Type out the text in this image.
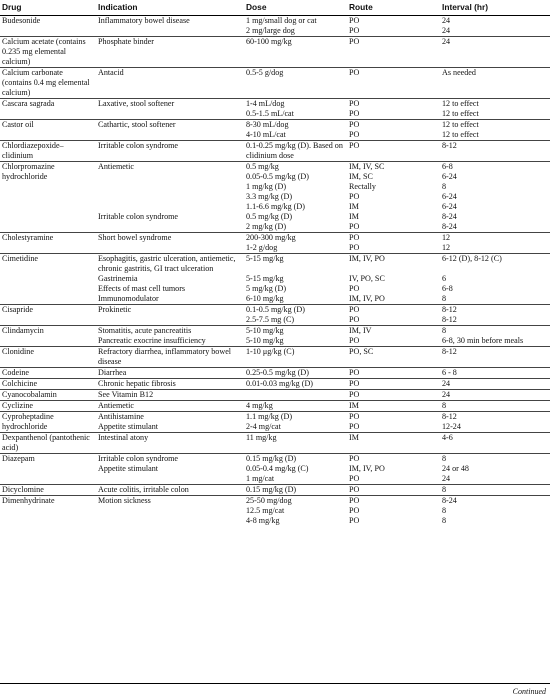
Drug	Indication	Dose	Route	Interval (hr)
Budesonide	Inflammatory bowel disease	1 mg/small dog or cat	PO	24
		2 mg/large dog	PO	24
Calcium acetate (contains 0.235 mg elemental calcium)	Phosphate binder	60-100 mg/kg	PO	24
Calcium carbonate (contains 0.4 mg elemental calcium)	Antacid	0.5-5 g/dog	PO	As needed
Cascara sagrada	Laxative, stool softener	1-4 mL/dog	PO	12 to effect
		0.5-1.5 mL/cat	PO	12 to effect
Castor oil	Cathartic, stool softener	8-30 mL/dog	PO	12 to effect
		4-10 mL/cat	PO	12 to effect
Chlordiazepoxide–clidinium	Irritable colon syndrome	0.1-0.25 mg/kg (D). Based on clidinium dose	PO	8-12
Chlorpromazine hydrochloride	Antiemetic	0.5 mg/kg	IM, IV, SC	6-8
		0.05-0.5 mg/kg (D)	IM, SC	6-24
		1 mg/kg (D)	Rectally	8
		3.3 mg/kg (D)	PO	6-24
		1.1-6.6 mg/kg (D)	IM	6-24
	Irritable colon syndrome	0.5 mg/kg (D)	IM	8-24
		2 mg/kg (D)	PO	8-24
Cholestyramine	Short bowel syndrome	200-300 mg/kg	PO	12
		1-2 g/dog	PO	12
Cimetidine	Esophagitis, gastric ulceration, antiemetic, chronic gastritis, GI tract ulceration	5-15 mg/kg	IM, IV, PO	6-12 (D), 8-12 (C)
	Gastrinemia	5-15 mg/kg	IV, PO, SC	6
	Effects of mast cell tumors	5 mg/kg (D)	PO	6-8
	Immunomodulator	6-10 mg/kg	IM, IV, PO	8
Cisapride	Prokinetic	0.1-0.5 mg/kg (D)	PO	8-12
		2.5-7.5 mg (C)	PO	8-12
Clindamycin	Stomatitis, acute pancreatitis	5-10 mg/kg	IM, IV	8
	Pancreatic exocrine insufficiency	5-10 mg/kg	PO	6-8, 30 min before meals
Clonidine	Refractory diarrhea, inflammatory bowel disease	1-10 μg/kg (C)	PO, SC	8-12
Codeine	Diarrhea	0.25-0.5 mg/kg (D)	PO	6 - 8
Colchicine	Chronic hepatic fibrosis	0.01-0.03 mg/kg (D)	PO	24
Cyanocobalamin	See Vitamin B12		PO	24
Cyclizine	Antiemetic	4 mg/kg	IM	8
Cyproheptadine hydrochloride	Antihistamine	1.1 mg/kg (D)	PO	8-12
	Appetite stimulant	2-4 mg/cat	PO	12-24
Dexpanthenol (pantothenic acid)	Intestinal atony	11 mg/kg	IM	4-6
Diazepam	Irritable colon syndrome	0.15 mg/kg (D)	PO	8
	Appetite stimulant	0.05-0.4 mg/kg (C)	IM, IV, PO	24 or 48
		1 mg/cat	PO	24
Dicyclomine	Acute colitis, irritable colon	0.15 mg/kg (D)	PO	8
Dimenhydrinate	Motion sickness	25-50 mg/dog	PO	8-24
		12.5 mg/cat	PO	8
		4-8 mg/kg	PO	8
Continued
